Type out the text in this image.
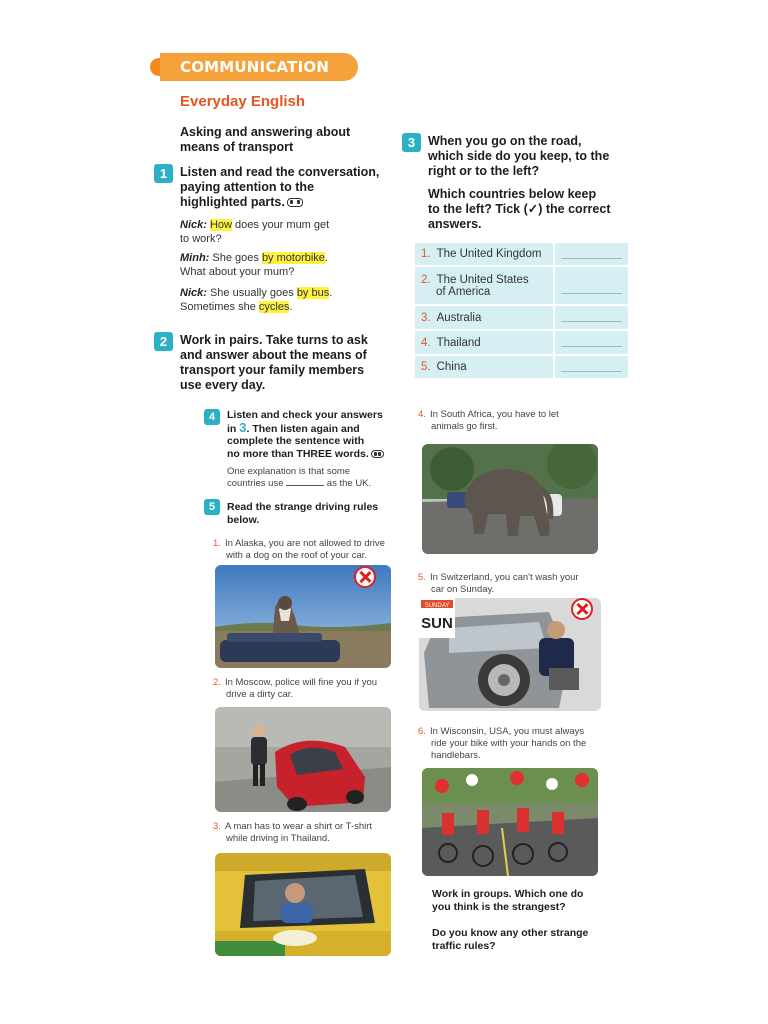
COMMUNICATION
Everyday English
Asking and answering about
means of transport
1	Listen and read the conversation,
paying attention to the
highlighted parts.
Nick: How does your mum get
to work?
Minh: She goes by motorbike.
What about your mum?
Nick: She usually goes by bus.
Sometimes she cycles.
2	Work in pairs. Take turns to ask
and answer about the means of
transport your family members
use every day.
3	When you go on the road,
which side do you keep, to the
right or to the left?
Which countries below keep
to the left? Tick (✓) the correct
answers.
1. The United Kingdom	

2. The United States
of America	

3. Australia	

4. Thailand	

5. China	
4	Listen and check your answers
in 3. Then listen again and
complete the sentence with
no more than THREE words.
One explanation is that some
countries use	as the UK.
5	Read the strange driving rules
below.
1. In Alaska, you are not allowed to drive
with a dog on the roof of your car.
2. In Moscow, police will fine you if you
drive a dirty car.
3. A man has to wear a shirt or T-shirt
while driving in Thailand.
4. In South Africa, you have to let
animals go first.
5. In Switzerland, you can't wash your
car on Sunday.
SUNDAY
SUN
6. In Wisconsin, USA, you must always
ride your bike with your hands on the
handlebars.
Work in groups. Which one do
you think is the strangest?
Do you know any other strange
traffic rules?
